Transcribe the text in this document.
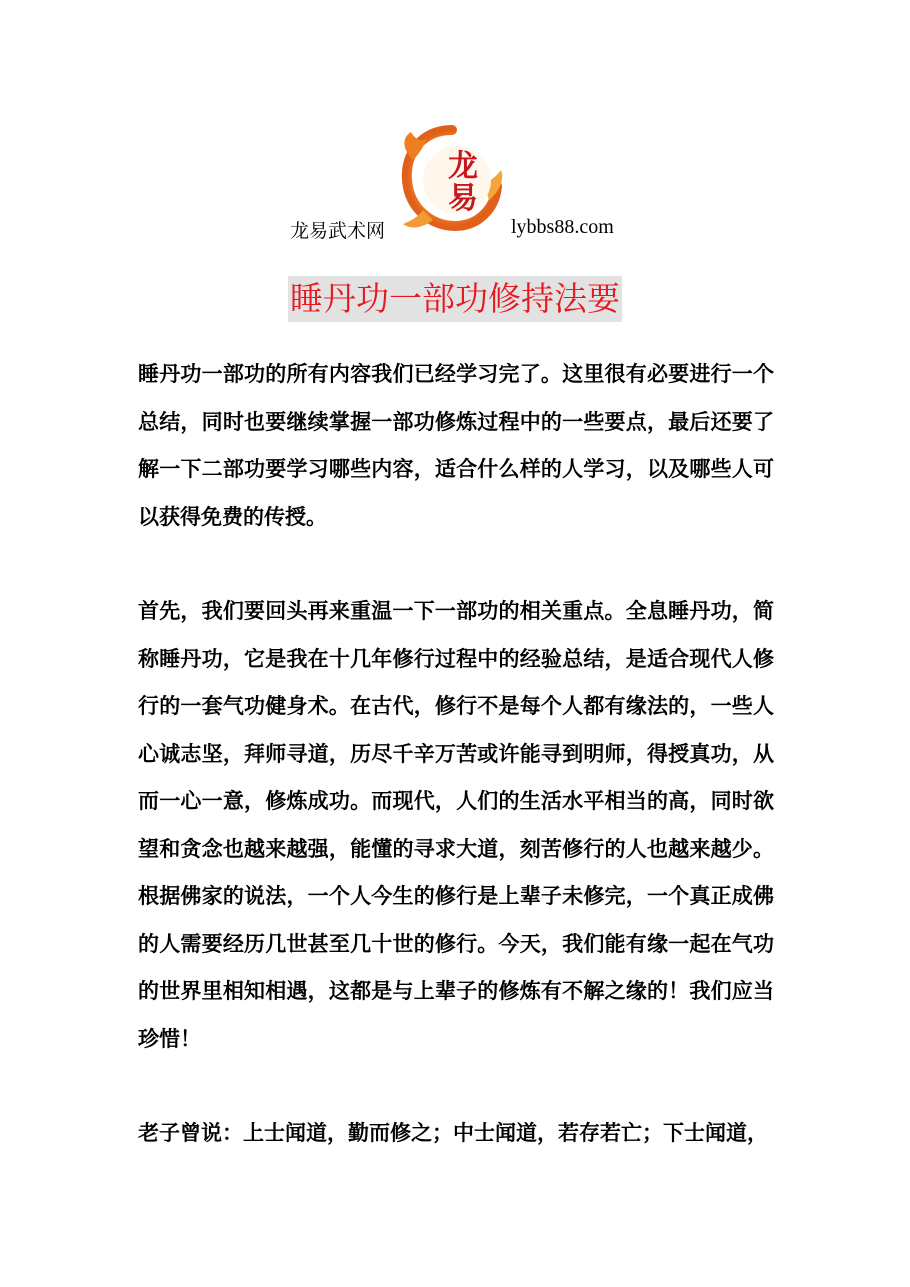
龙
易
龙易武术网	lybbs88.com
睡丹功一部功修持法要

睡丹功一部功的所有内容我们已经学习完了。这里很有必要进行一个总结，同时也要继续掌握一部功修炼过程中的一些要点，最后还要了解一下二部功要学习哪些内容，适合什么样的人学习，以及哪些人可以获得免费的传授。

首先，我们要回头再来重温一下一部功的相关重点。全息睡丹功，简称睡丹功，它是我在十几年修行过程中的经验总结，是适合现代人修行的一套气功健身术。在古代，修行不是每个人都有缘法的，一些人心诚志坚，拜师寻道，历尽千辛万苦或许能寻到明师，得授真功，从而一心一意，修炼成功。而现代，人们的生活水平相当的高，同时欲望和贪念也越来越强，能懂的寻求大道，刻苦修行的人也越来越少。根据佛家的说法，一个人今生的修行是上辈子未修完，一个真正成佛的人需要经历几世甚至几十世的修行。今天，我们能有缘一起在气功的世界里相知相遇，这都是与上辈子的修炼有不解之缘的！我们应当珍惜！

老子曾说：上士闻道，勤而修之；中士闻道，若存若亡；下士闻道，
